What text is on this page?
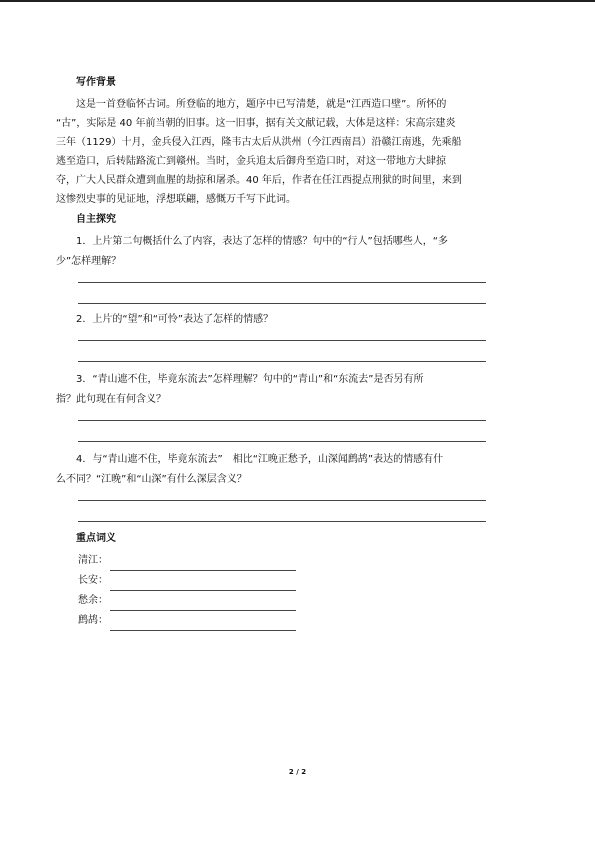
写作背景

这是一首登临怀古词。所登临的地方，题序中已写清楚，就是“江西造口壁”。所怀的

“古”，实际是 40 年前当朝的旧事。这一旧事，据有关文献记载，大体是这样：宋高宗建炎

三年（1129）十月，金兵侵入江西，隆韦古太后从洪州（今江西南昌）沿赣江南逃，先乘船

逃至造口，后转陆路流亡到赣州。当时，金兵追太后御舟至造口时，对这一带地方大肆掠

夺，广大人民群众遭到血腥的劫掠和屠杀。40 年后，作者在任江西提点刑狱的时间里，来到

这惨烈史事的见证地，浮想联翩，感慨万千写下此词。

自主探究

1．上片第二句概括什么了内容，表达了怎样的情感？句中的“行人”包括哪些人，“多

少”怎样理解？

2．上片的“望”和“可怜”表达了怎样的情感？

3．“青山遮不住，毕竟东流去”怎样理解？句中的“青山”和“东流去”是否另有所

指？此句现在有何含义？

4．与“青山遮不住，毕竟东流去”　相比“江晚正愁予，山深闻鹧鸪”表达的情感有什

么不同？“江晚”和“山深”有什么深层含义？

重点词义
清江：
长安：
愁余：
鹧鸪：
2 / 2
